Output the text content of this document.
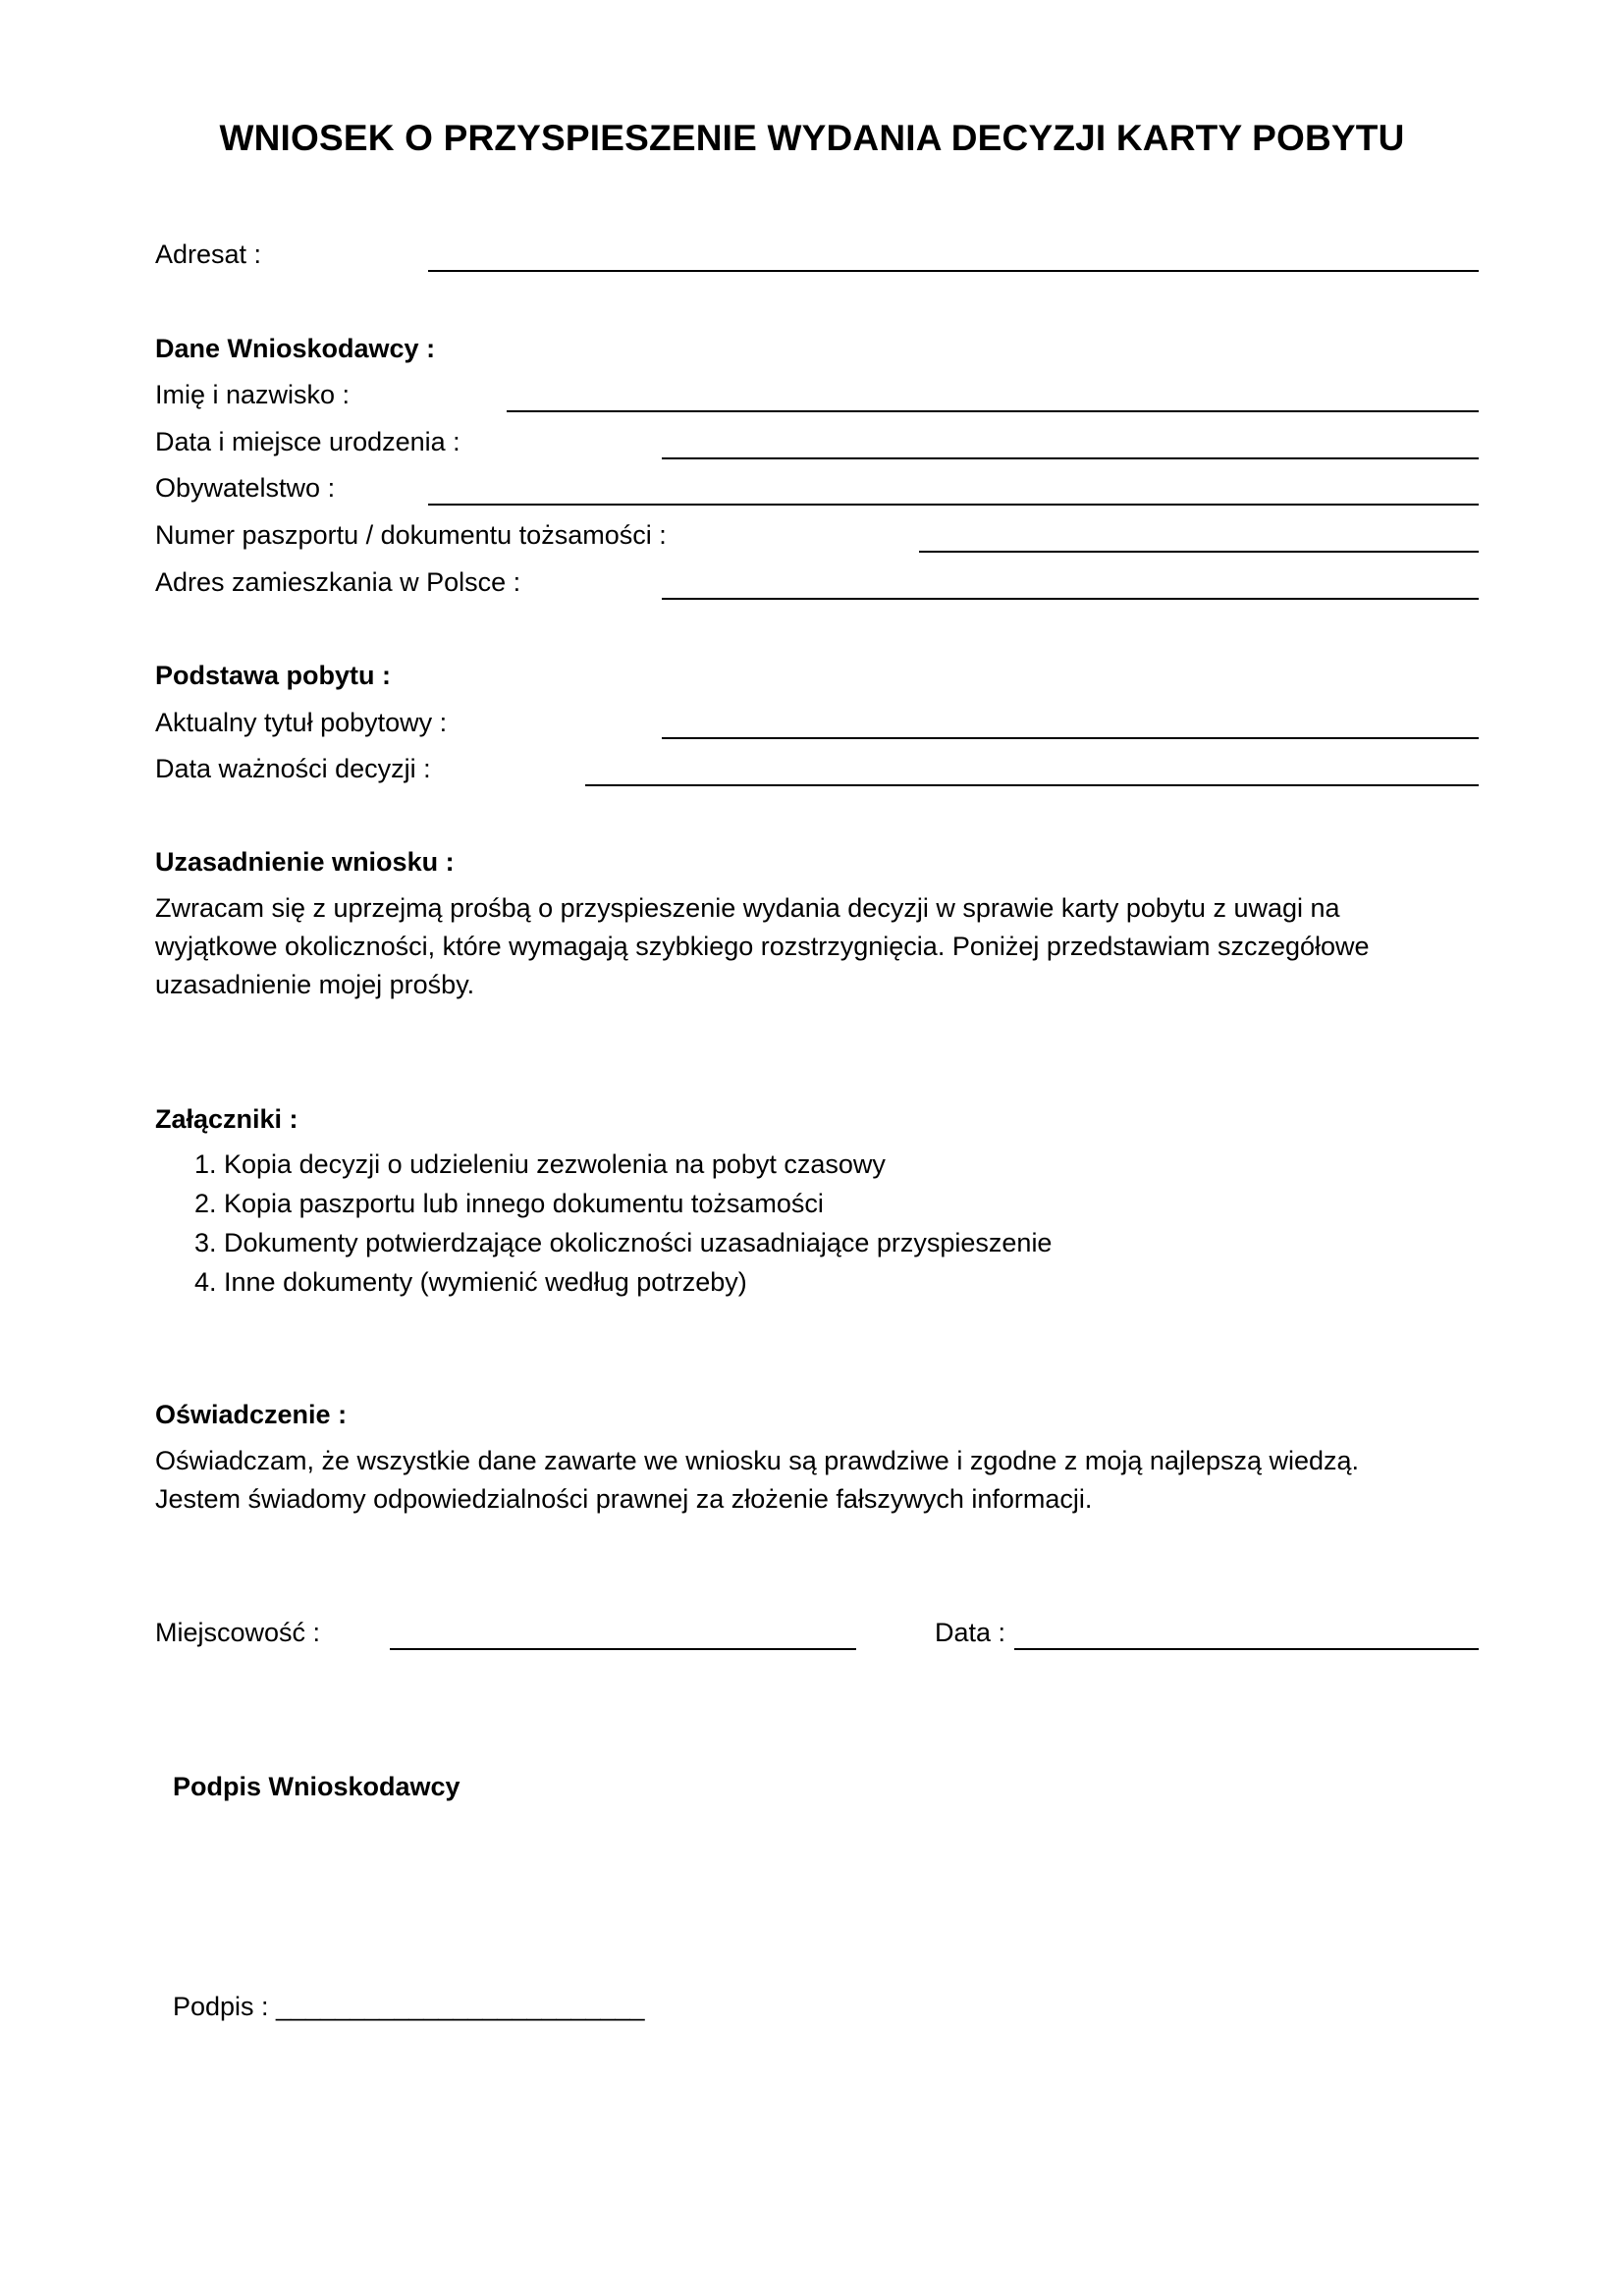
WNIOSEK O PRZYSPIESZENIE WYDANIA DECYZJI KARTY POBYTU
Adresat :
Dane Wnioskodawcy :
Imię i nazwisko :
Data i miejsce urodzenia :
Obywatelstwo :
Numer paszportu / dokumentu tożsamości :
Adres zamieszkania w Polsce :
Podstawa pobytu :
Aktualny tytuł pobytowy :
Data ważności decyzji :
Uzasadnienie wniosku :
Zwracam się z uprzejmą prośbą o przyspieszenie wydania decyzji w sprawie karty pobytu z uwagi na
wyjątkowe okoliczności, które wymagają szybkiego rozstrzygnięcia. Poniżej przedstawiam szczegółowe
uzasadnienie mojej prośby.
Załączniki :
1. Kopia decyzji o udzieleniu zezwolenia na pobyt czasowy
2. Kopia paszportu lub innego dokumentu tożsamości
3. Dokumenty potwierdzające okoliczności uzasadniające przyspieszenie
4. Inne dokumenty (wymienić według potrzeby)
Oświadczenie :
Oświadczam, że wszystkie dane zawarte we wniosku są prawdziwe i zgodne z moją najlepszą wiedzą.
Jestem świadomy odpowiedzialności prawnej za złożenie fałszywych informacji.
Miejscowość :	Data :
Podpis Wnioskodawcy
Podpis : _________________________
